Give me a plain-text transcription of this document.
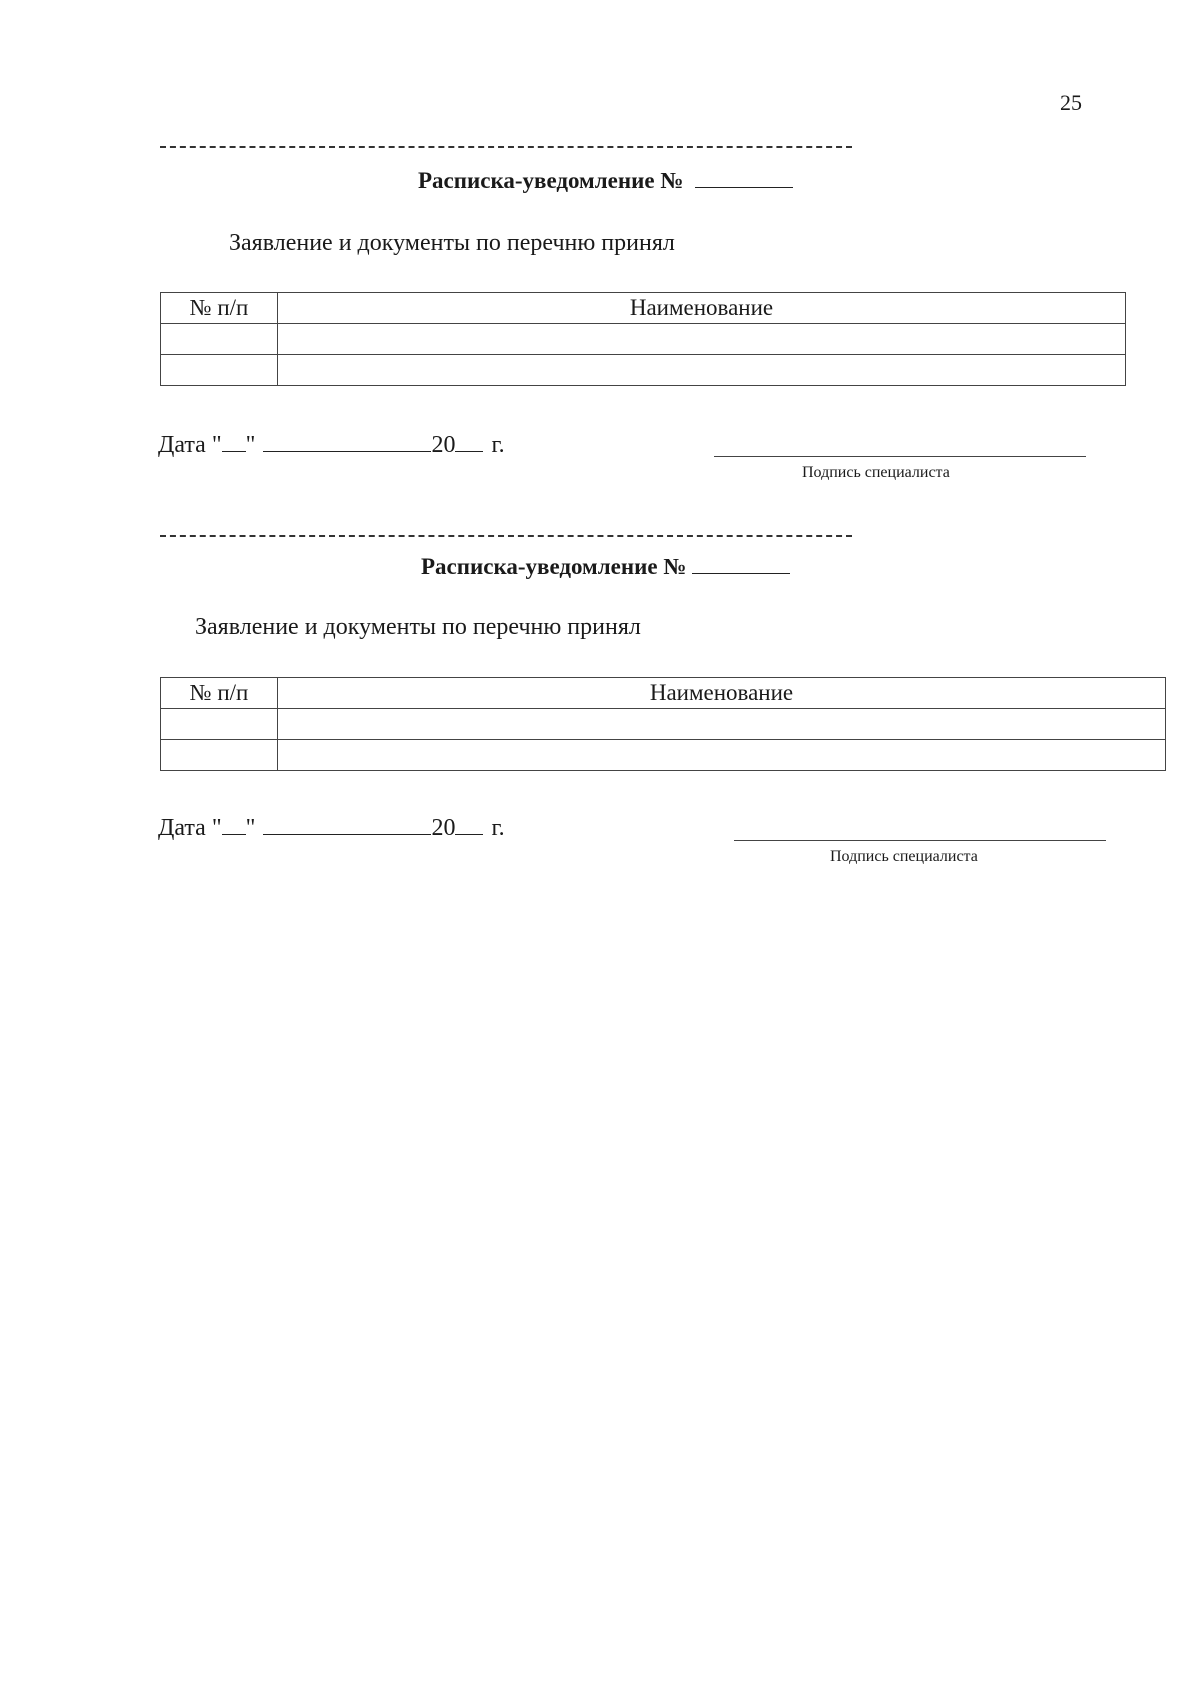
25
Расписка-уведомление №
Заявление и документы по перечню принял
№ п/п	Наименование

Дата " "	20 г.
Подпись специалиста
Расписка-уведомление №
Заявление и документы по перечню принял
№ п/п	Наименование

Дата " "	20 г.
Подпись специалиста
